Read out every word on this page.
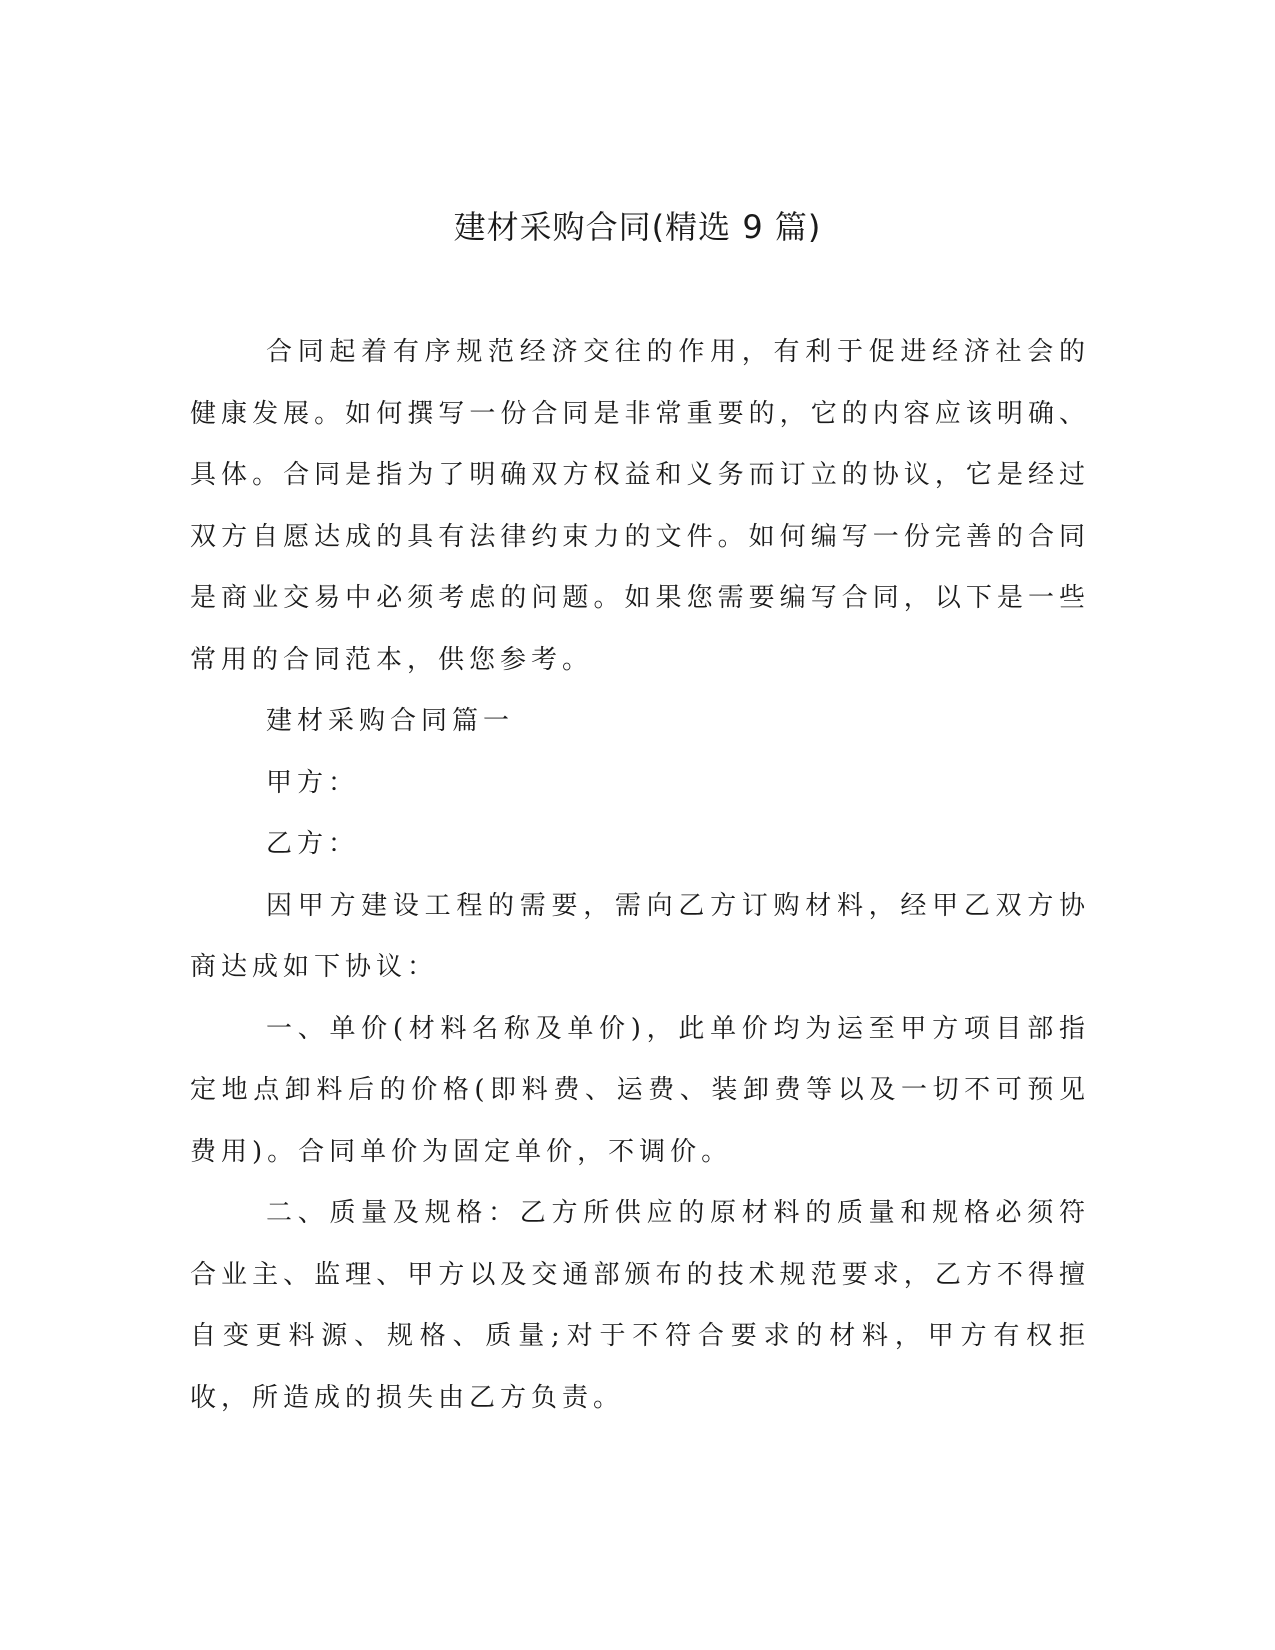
建材采购合同(精选 9 篇)

合同起着有序规范经济交往的作用，有利于促进经济社会的健康发展。如何撰写一份合同是非常重要的，它的内容应该明确、具体。合同是指为了明确双方权益和义务而订立的协议，它是经过双方自愿达成的具有法律约束力的文件。如何编写一份完善的合同是商业交易中必须考虑的问题。如果您需要编写合同，以下是一些常用的合同范本，供您参考。

建材采购合同篇一

甲方：

乙方：

因甲方建设工程的需要，需向乙方订购材料，经甲乙双方协商达成如下协议：

一、单价(材料名称及单价)，此单价均为运至甲方项目部指定地点卸料后的价格(即料费、运费、装卸费等以及一切不可预见费用)。合同单价为固定单价，不调价。

二、质量及规格：乙方所供应的原材料的质量和规格必须符合业主、监理、甲方以及交通部颁布的技术规范要求，乙方不得擅自变更料源、规格、质量;对于不符合要求的材料，甲方有权拒收，所造成的损失由乙方负责。
